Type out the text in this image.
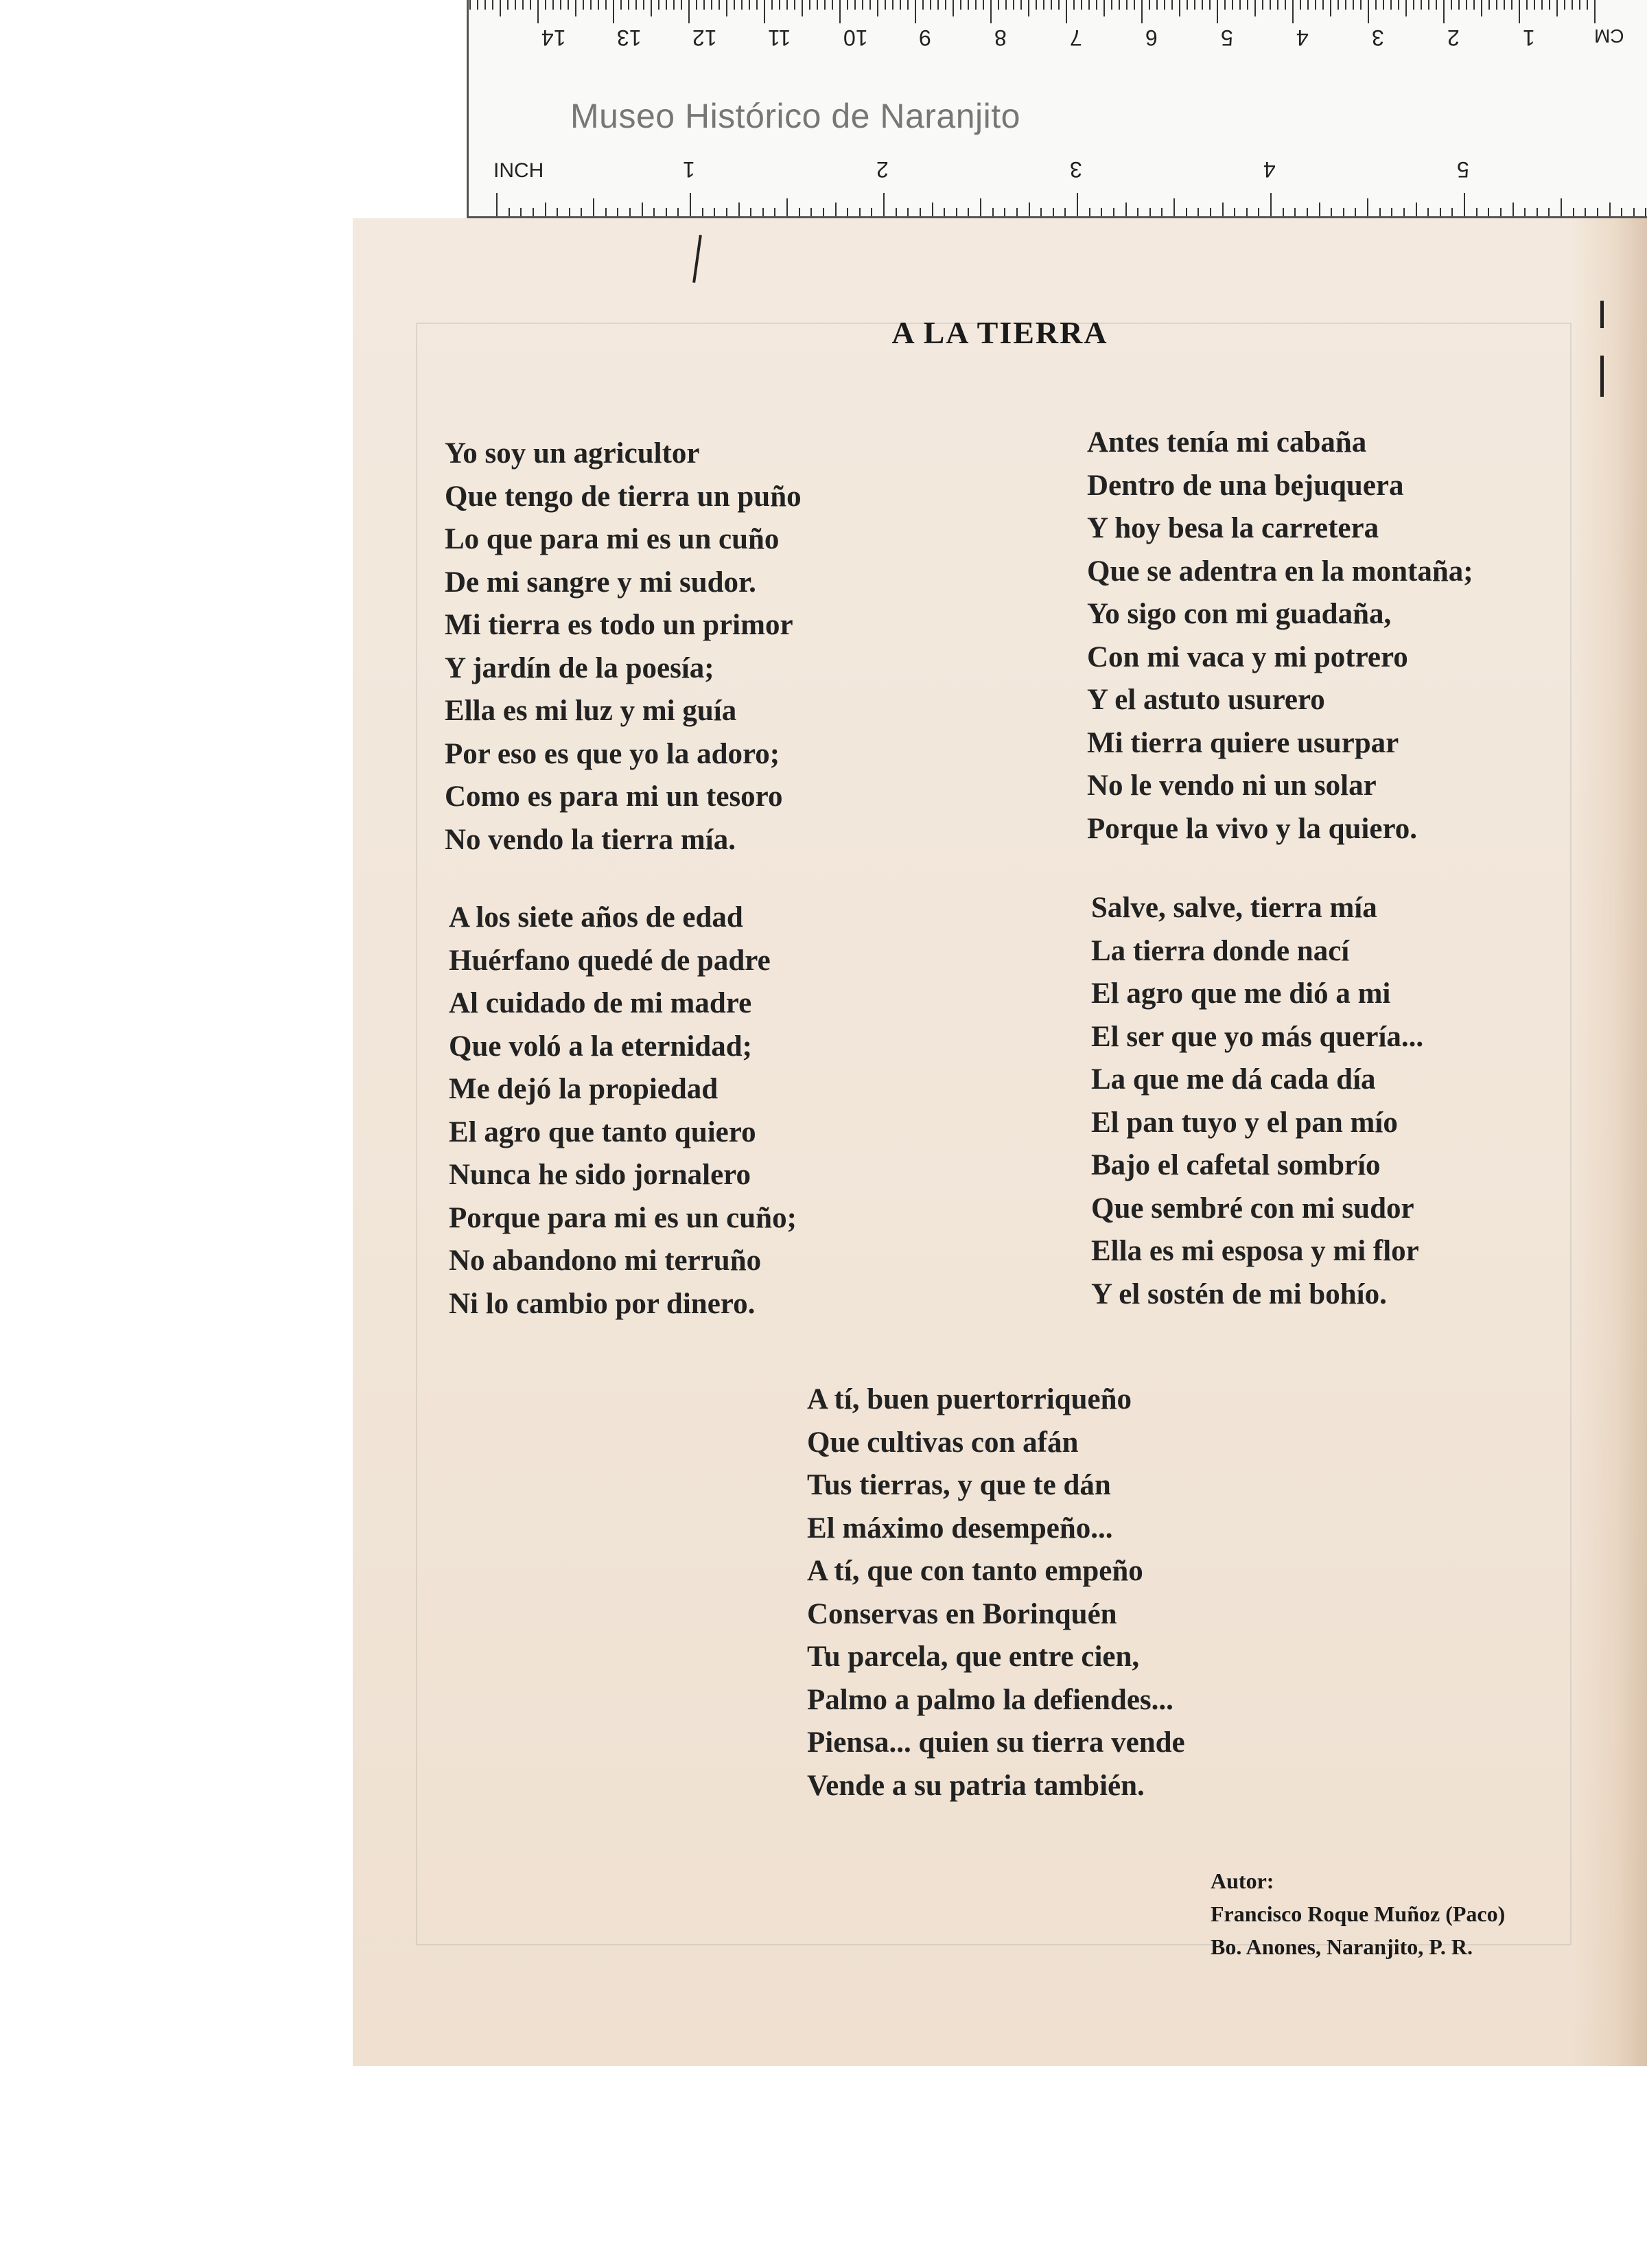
1
2
3
4
5
6
7
8
9
10
11
12
13
14	CM
Museo Histórico de Naranjito
INCH	1	2	3	4	5
A LA TIERRA
Yo soy un agricultor
Que tengo de tierra un puño
Lo que para mi es un cuño
De mi sangre y mi sudor.
Mi tierra es todo un primor
Y jardín de la poesía;
Ella es mi luz y mi guía
Por eso es que yo la adoro;
Como es para mi un tesoro
No vendo la tierra mía.
A los siete años de edad
Huérfano quedé de padre
Al cuidado de mi madre
Que voló a la eternidad;
Me dejó la propiedad
El agro que tanto quiero
Nunca he sido jornalero
Porque para mi es un cuño;
No abandono mi terruño
Ni lo cambio por dinero.
Antes tenía mi cabaña
Dentro de una bejuquera
Y hoy besa la carretera
Que se adentra en la montaña;
Yo sigo con mi guadaña,
Con mi vaca y mi potrero
Y el astuto usurero
Mi tierra quiere usurpar
No le vendo ni un solar
Porque la vivo y la quiero.
Salve, salve, tierra mía
La tierra donde nací
El agro que me dió a mi
El ser que yo más quería...
La que me dá cada día
El pan tuyo y el pan mío
Bajo el cafetal sombrío
Que sembré con mi sudor
Ella es mi esposa y mi flor
Y el sostén de mi bohío.
A tí, buen puertorriqueño
Que cultivas con afán
Tus tierras, y que te dán
El máximo desempeño...
A tí, que con tanto empeño
Conservas en Borinquén
Tu parcela, que entre cien,
Palmo a palmo la defiendes...
Piensa... quien su tierra vende
Vende a su patria también.
Autor:
Francisco Roque Muñoz (Paco)
Bo. Anones, Naranjito, P. R.
